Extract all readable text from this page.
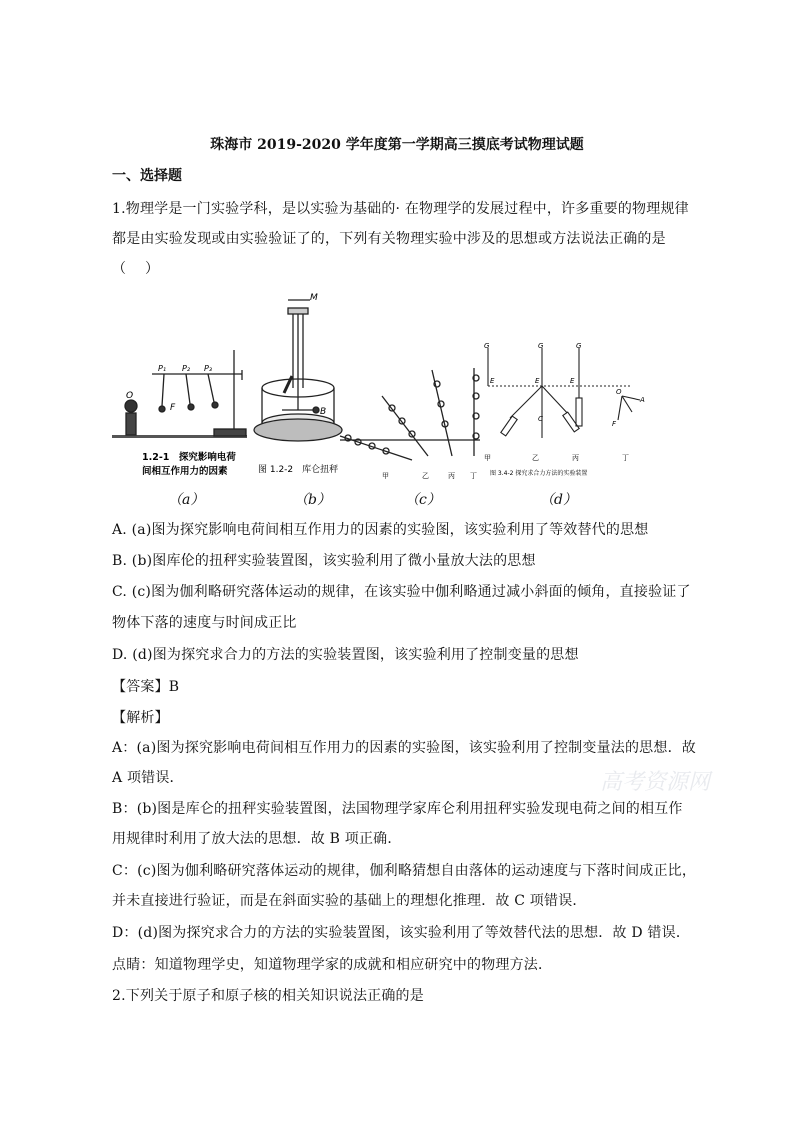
珠海市 2019-2020 学年度第一学期高三摸底考试物理试题
一、选择题
1.物理学是一门实验学科，是以实验为基础的· 在物理学的发展过程中，许多重要的物理规律
都是由实验发现或由实验验证了的，下列有关物理实验中涉及的思想或方法说法正确的是
（　 ）
P₁ P₂ P₃
O
F
1.2-1　探究影响电荷
间相互作用力的因素
M
B
图 1.2-2　库仑扭秤
甲	乙	丙 丁
G	G	G
E	E	E
C
O
A
F
甲	乙	丙	丁
图 3.4-2 探究求合力方法的实验装置
（a）	（b）	（c）	（d）
A. (a)图为探究影响电荷间相互作用力的因素的实验图，该实验利用了等效替代的思想
B. (b)图库伦的扭秤实验装置图，该实验利用了微小量放大法的思想
C. (c)图为伽利略研究落体运动的规律，在该实验中伽利略通过减小斜面的倾角，直接验证了
物体下落的速度与时间成正比
D. (d)图为探究求合力的方法的实验装置图，该实验利用了控制变量的思想
【答案】B
【解析】
A：(a)图为探究影响电荷间相互作用力的因素的实验图，该实验利用了控制变量法的思想．故
A 项错误．
B：(b)图是库仑的扭秤实验装置图，法国物理学家库仑利用扭秤实验发现电荷之间的相互作
用规律时利用了放大法的思想．故 B 项正确．
C：(c)图为伽利略研究落体运动的规律，伽利略猜想自由落体的运动速度与下落时间成正比，
并未直接进行验证，而是在斜面实验的基础上的理想化推理．故 C 项错误．
D：(d)图为探究求合力的方法的实验装置图，该实验利用了等效替代法的思想．故 D 错误．
点睛：知道物理学史，知道物理学家的成就和相应研究中的物理方法．
2.下列关于原子和原子核的相关知识说法正确的是
高考资源网
